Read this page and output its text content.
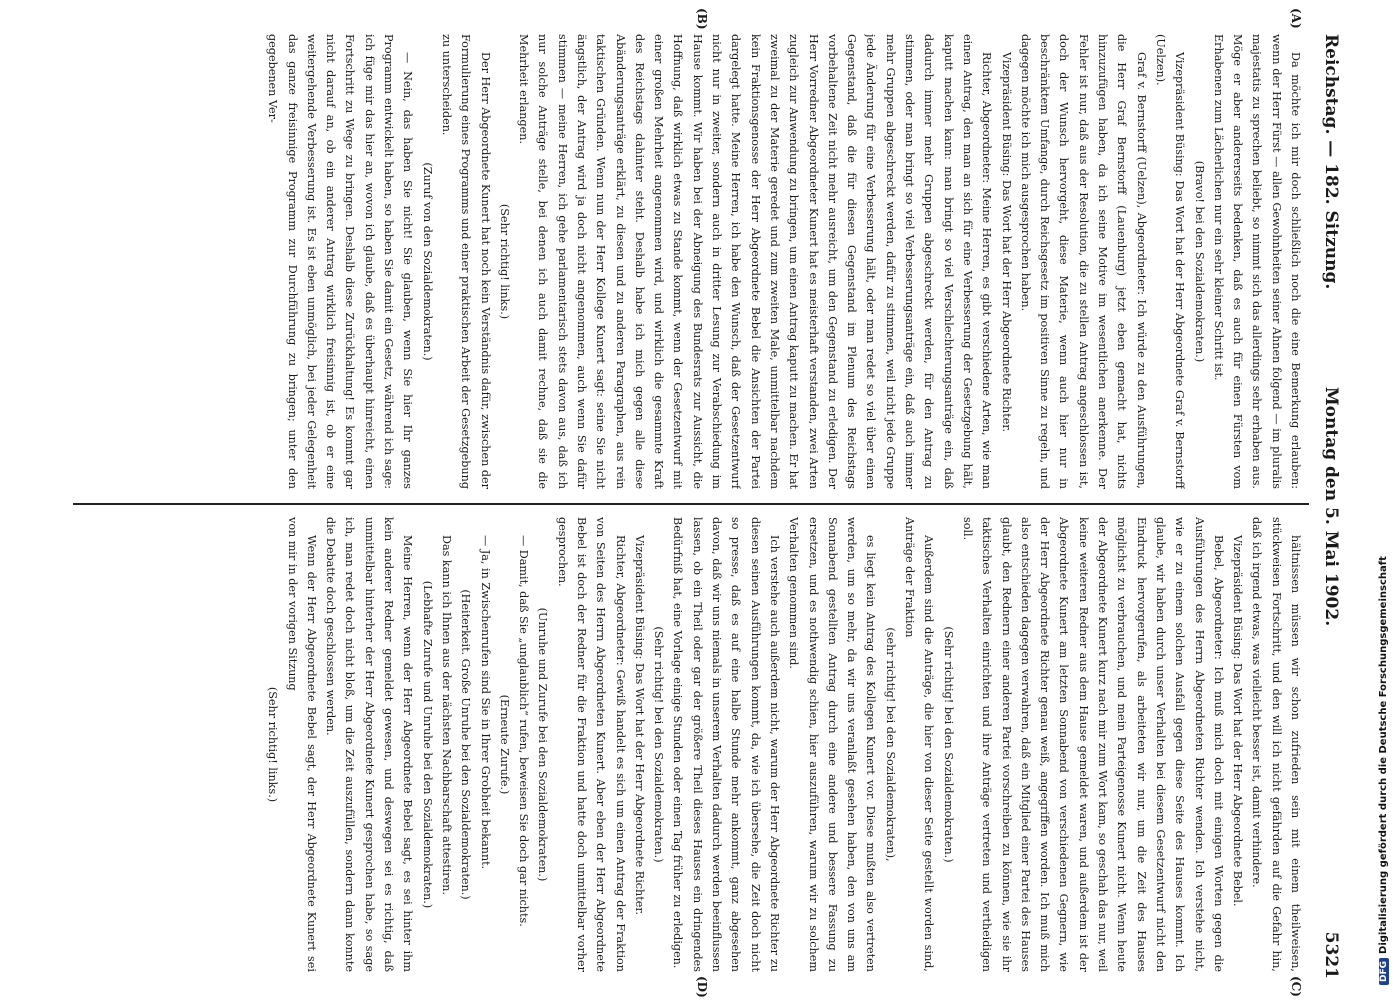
Reichstag. — 182. Sitzung.
Montag den 5. Mai 1902.
5321

Da möchte ich mir doch schließlich noch die eine Bemerkung erlauben: wenn der Herr Fürst — allen Gewohnheiten seiner Ahnen folgend — im pluralis majestatis zu sprechen beliebt, so nimmt sich das allerdings sehr erhaben aus. Möge er aber andererseits bedenken, daß es auch für einen Fürsten vom Erhabenen zum Lächerlichen nur ein sehr kleiner Schritt ist.

(Bravo! bei den Sozialdemokraten.)

Vizepräsident Büsing: Das Wort hat der Herr Abgeordnete Graf v. Bernstorff (Uelzen).

Graf v. Bernstorff (Uelzen), Abgeordneter: Ich würde zu den Ausführungen, die Herr Graf Bernstorff (Lauenburg) jetzt eben gemacht hat, nichts hinzuzufügen haben, da ich seine Motive im wesentlichen anerkenne. Der Fehler ist nur, daß aus der Resolution, die zu stellen Antrag angeschlossen ist, doch der Wunsch hervorgeht, diese Materie, wenn auch hier nur in beschränktem Umfange, durch Reichsgesetz im positiven Sinne zu regeln, und dagegen möchte ich mich ausgesprochen haben.

Vizepräsident Büsing: Das Wort hat der Herr Abgeordnete Richter.

Richter, Abgeordneter: Meine Herren, es gibt verschiedene Arten, wie man einen Antrag, den man an sich für eine Verbesserung der Gesetzgebung hält, kaputt machen kann: man bringt so viel Verschlechterungsanträge ein, daß dadurch immer mehr Gruppen abgeschreckt werden, für den Antrag zu stimmen, oder man bringt so viel Verbesserungsanträge ein, daß auch immer mehr Gruppen abgeschreckt werden, dafür zu stimmen, weil nicht jede Gruppe jede Änderung für eine Verbesserung hält, oder man redet so viel über einen Gegenstand, daß die für diesen Gegenstand im Plenum des Reichstags vorbehaltene Zeit nicht mehr ausreicht, um den Gegenstand zu erledigen. Der Herr Vorredner Abgeordneter Kunert hat es meisterhaft verstanden, zwei Arten zugleich zur Anwendung zu bringen, um einen Antrag kaputt zu machen. Er hat zweimal zu der Materie geredet und zum zweiten Male, unmittelbar nachdem kein Fraktionsgenosse der Herr Abgeordnete Bebel die Ansichten der Partei dargelegt hatte. Meine Herren, ich habe den Wunsch, daß der Gesetzentwurf nicht nur in zweiter, sondern auch in dritter Lesung zur Verabschiedung im Hause kommt. Wir haben bei der Abneigung des Bundesrats zur Aussicht, die Hoffnung, daß wirklich etwas zu Stande kommt, wenn der Gesetzentwurf mit einer großen Mehrheit angenommen wird, und wirklich die gesammte Kraft des Reichstags dahinter steht. Deshalb habe ich mich gegen alle diese Abänderungsanträge erklärt, zu diesen und zu anderen Paragraphen, aus rein taktischen Gründen. Wenn nun der Herr Kollege Kunert sagt: seine Sie nicht ängstlich, der Antrag wird ja doch nicht angenommen, auch wenn Sie dafür stimmen — meine Herren, ich gehe parlamentarisch stets davon aus, daß ich nur solche Anträge stelle, bei denen ich auch damit rechne, daß sie die Mehrheit erlangen.

(Sehr richtig! links.)

Der Herr Abgeordnete Kunert hat noch kein Verständnis dafür, zwischen der Formulierung eines Programms und einer praktischen Arbeit der Gesetzgebung zu unterscheiden.

(Zuruf von den Sozialdemokraten.)

— Nein, das haben Sie nicht! Sie glauben, wenn Sie hier Ihr ganzes Programm entwickelt haben, so haben Sie damit ein Gesetz, während ich sage: ich füge mir das hier an, wovon ich glaube, daß es überhaupt hinreicht, einen Fortschritt zu Wege zu bringen. Deshalb diese Zurückhaltung! Es kommt gar nicht darauf an, ob ein anderer Antrag wirklich freisinnig ist, ob er eine weitergehende Verbesserung ist. Es ist eben unmöglich, bei jeder Gelegenheit das ganze freisinnige Programm zur Durchführung zu bringen; unter den gegebenen Ver-

hältnissen müssen wir schon zufrieden sein mit einem theilweisen, stückweisen Fortschritt, und den will ich nicht gefährden auf die Gefahr hin, daß ich irgend etwas, was vielleicht besser ist, damit verhindere.

Vizepräsident Büsing: Das Wort hat der Herr Abgeordnete Bebel.

Bebel, Abgeordneter: Ich muß mich doch mit einigen Worten gegen die Ausführungen des Herrn Abgeordneten Richter wenden. Ich verstehe nicht, wie er zu einem solchen Ausfall gegen diese Seite des Hauses kommt. Ich glaube, wir haben durch unser Verhalten bei diesem Gesetzentwurf nicht den Eindruck hervorgerufen, als arbeiteten wir nur, um die Zeit des Hauses möglichst zu verbrauchen, und mein Parteigenosse Kunert nicht. Wenn heute der Abgeordnete Kunert kurz nach mir zum Wort kam, so geschah das nur, weil keine weiteren Redner aus dem Hause gemeldet waren, und außerdem ist der Abgeordnete Kunert am letzten Sonnabend von verschiedenen Gegnern, wie der Herr Abgeordnete Richter genau weiß, angegriffen worden. Ich muß mich also entschieden dagegen verwahren, daß ein Mitglied einer Partei des Hauses glaubt, den Rednern einer anderen Partei vorschreiben zu können, wie sie ihr taktisches Verhalten einrichten und ihre Anträge vertreten und vertheidigen soll.

(Sehr richtig! bei den Sozialdemokraten.)

Außerdem sind die Anträge, die hier von dieser Seite gestellt worden sind, Anträge der Fraktion

(sehr richtig! bei den Sozialdemokraten),

es liegt kein Antrag des Kollegen Kunert vor. Diese mußten also vertreten werden, um so mehr, da wir uns veranlaßt gesehen haben, den von uns am Sonnabend gestellten Antrag durch eine andere und bessere Fassung zu ersetzen, und es nothwendig schien, hier auszuführen, warum wir zu solchem Verhalten genommen sind.

Ich verstehe auch außerdem nicht, warum der Herr Abgeordnete Richter zu diesen seinen Ausführungen kommt, da, wie ich übersehe, die Zeit doch nicht so presse, daß es auf eine halbe Stunde mehr ankommt, ganz abgesehen davon, daß wir uns niemals in unserem Verhalten dadurch werden beeinflussen lassen, ob ein Theil oder gar der größere Theil dieses Hauses ein dringendes Bedürfniß hat, eine Vorlage einige Stunden oder einen Tag früher zu erledigen.

(Sehr richtig! bei den Sozialdemokraten.)

Vizepräsident Büsing: Das Wort hat der Herr Abgeordnete Richter.

Richter, Abgeordneter: Gewiß handelt es sich um einen Antrag der Fraktion von Seiten des Herrn Abgeordneten Kunert. Aber eben der Herr Abgeordnete Bebel ist doch der Redner für die Fraktion und hatte doch unmittelbar vorher gesprochen.

(Unruhe und Zurufe bei den Sozialdemokraten.)

— Damit, daß Sie „unglaublich“ rufen, beweisen Sie doch gar nichts.

(Erneute Zurufe.)

— Ja, in Zwischenrufen sind Sie in Ihrer Grobheit bekannt.

(Heiterkeit. Große Unruhe bei den Sozialdemokraten.)

Das kann ich Ihnen aus der nächsten Nachbarschaft attestiren.

(Lebhafte Zurufe und Unruhe bei den Sozialdemokraten.)

Meine Herren, wenn der Herr Abgeordnete Bebel sagt, es sei hinter ihm kein anderer Redner gemeldet gewesen, und deswegen sei es richtig, daß unmittelbar hinterher der Herr Abgeordnete Kunert gesprochen habe, so sage ich, man redet doch nicht bloß, um die Zeit auszufüllen, sondern dann konnte die Debatte doch geschlossen werden.

Wenn der Herr Abgeordnete Bebel sagt, der Herr Abgeordnete Kunert sei von mir in der vorigen Sitzung

(Sehr richtig! links.)

(A)
(B)
(C)
(D)
DFGDigitalisierung gefördert durch die Deutsche Forschungsgemeinschaft
